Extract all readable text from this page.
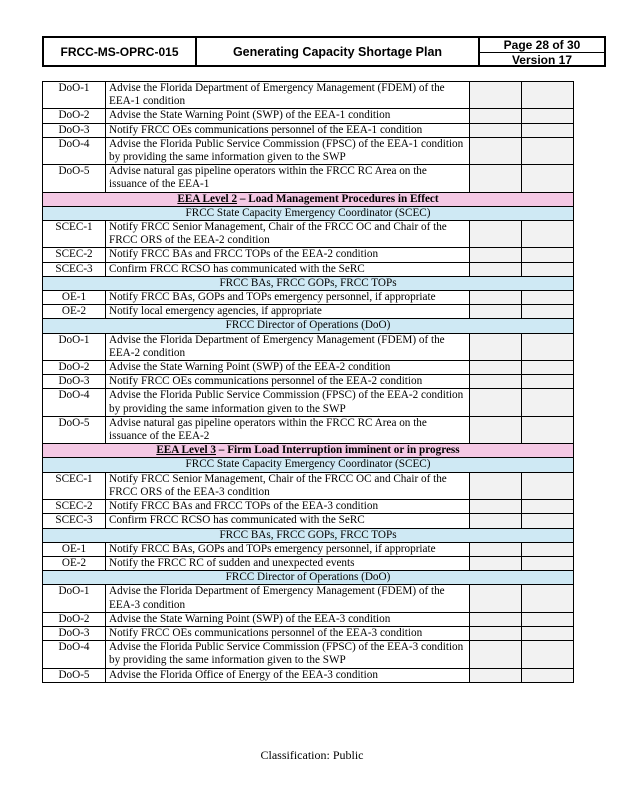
FRCC-MS-OPRC-015	Generating Capacity Shortage Plan	Page 28 of 30
Version 17
DoO-1	Advise the Florida Department of Emergency Management (FDEM) of the EEA-1 condition		
DoO-2	Advise the State Warning Point (SWP) of the EEA-1 condition		
DoO-3	Notify FRCC OEs communications personnel of the EEA-1 condition		
DoO-4	Advise the Florida Public Service Commission (FPSC) of the EEA-1 condition by providing the same information given to the SWP		
DoO-5	Advise natural gas pipeline operators within the FRCC RC Area on the issuance of the EEA-1		
EEA Level 2 – Load Management Procedures in Effect			
FRCC State Capacity Emergency Coordinator (SCEC)			
SCEC-1	Notify FRCC Senior Management, Chair of the FRCC OC and Chair of the FRCC ORS of the EEA-2 condition		
SCEC-2	Notify FRCC BAs and FRCC TOPs of the EEA-2 condition		
SCEC-3	Confirm FRCC RCSO has communicated with the SeRC		
FRCC BAs, FRCC GOPs, FRCC TOPs			
OE-1	Notify FRCC BAs, GOPs and TOPs emergency personnel, if appropriate		
OE-2	Notify local emergency agencies, if appropriate		
FRCC Director of Operations (DoO)			
DoO-1	Advise the Florida Department of Emergency Management (FDEM) of the EEA-2 condition		
DoO-2	Advise the State Warning Point (SWP) of the EEA-2 condition		
DoO-3	Notify FRCC OEs communications personnel of the EEA-2 condition		
DoO-4	Advise the Florida Public Service Commission (FPSC) of the EEA-2 condition by providing the same information given to the SWP		
DoO-5	Advise natural gas pipeline operators within the FRCC RC Area on the issuance of the EEA-2		
EEA Level 3 – Firm Load Interruption imminent or in progress			
FRCC State Capacity Emergency Coordinator (SCEC)			
SCEC-1	Notify FRCC Senior Management, Chair of the FRCC OC and Chair of the FRCC ORS of the EEA-3 condition		
SCEC-2	Notify FRCC BAs and FRCC TOPs of the EEA-3 condition		
SCEC-3	Confirm FRCC RCSO has communicated with the SeRC		
FRCC BAs, FRCC GOPs, FRCC TOPs			
OE-1	Notify FRCC BAs, GOPs and TOPs emergency personnel, if appropriate		
OE-2	Notify the FRCC RC of sudden and unexpected events		
FRCC Director of Operations (DoO)			
DoO-1	Advise the Florida Department of Emergency Management (FDEM) of the EEA-3 condition		
DoO-2	Advise the State Warning Point (SWP) of the EEA-3 condition		
DoO-3	Notify FRCC OEs communications personnel of the EEA-3 condition		
DoO-4	Advise the Florida Public Service Commission (FPSC) of the EEA-3 condition by providing the same information given to the SWP		
DoO-5	Advise the Florida Office of Energy of the EEA-3 condition		
Classification: Public
